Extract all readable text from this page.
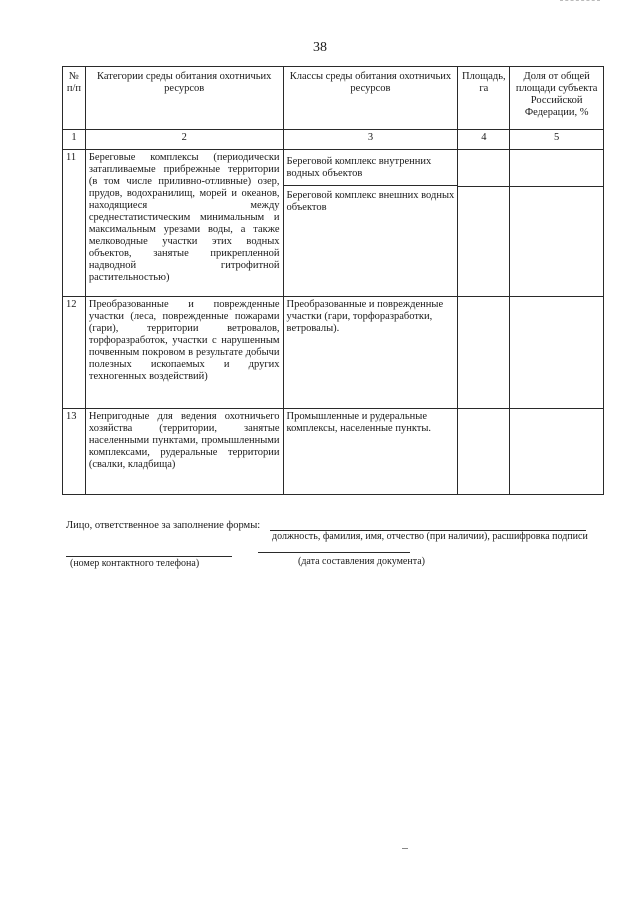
38
№ п/п	Категории среды обитания охотничьих ресурсов	Классы среды обитания охотничьих ресурсов	Площадь, га	Доля от общей площади субъекта Российской Федерации, %
1	2	3	4	5
11	Береговые комплексы (периодически затапливаемые прибрежные территории (в том числе приливно-отливные) озер, прудов, водохранилищ, морей и океанов, находящиеся между среднестатистическим минимальным и максимальным урезами воды, а также мелководные участки этих водных объектов, занятые прикрепленной надводной гитрофитной растительностью)	Береговой комплекс внутренних водных объектов
Береговой комплекс внешних водных объектов		

12	Преобразованные и поврежденные участки (леса, поврежденные пожарами (гари), территории ветровалов, торфоразработок, участки с нарушенным почвенным покровом в результате добычи полезных ископаемых и других техногенных воздействий)	Преобразованные и поврежденные участки (гари, торфоразработки, ветровалы).		
13	Непригодные для ведения охотничьего хозяйства (территории, занятые населенными пунктами, промышленными комплексами, рудеральные территории (свалки, кладбища)	Промышленные и рудеральные комплексы, населенные пункты.		
Лицо, ответственное за заполнение формы:
должность, фамилия, имя, отчество (при наличии), расшифровка подписи
(номер контактного телефона)	(дата составления документа)
